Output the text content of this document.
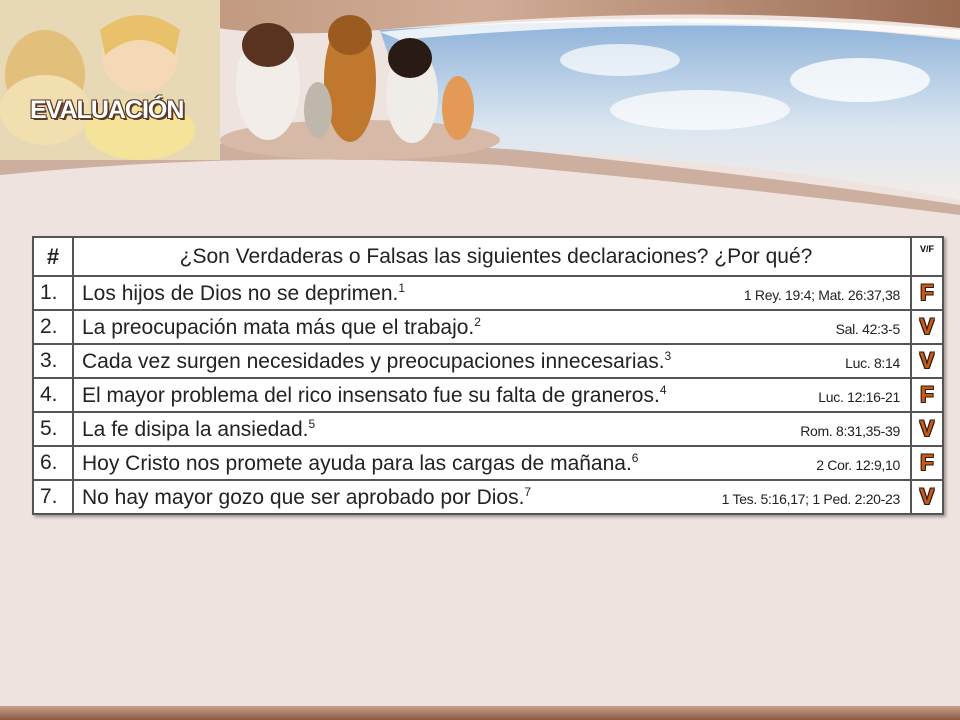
EVALUACIÓN
#	¿Son Verdaderas o Falsas las siguientes declaraciones? ¿Por qué?	V/F
1.	Los hijos de Dios no se deprimen.$^1$ 1 Rey. 19:4; Mat. 26:37,38	F
2.	La preocupación mata más que el trabajo.$^2$ Sal. 42:3-5	V
3.	Cada vez surgen necesidades y preocupaciones innecesarias.$^3$ Luc. 8:14	V
4.	El mayor problema del rico insensato fue su falta de graneros.$^4$ Luc. 12:16-21	F
5.	La fe disipa la ansiedad.$^5$ Rom. 8:31,35-39	V
6.	Hoy Cristo nos promete ayuda para las cargas de mañana.$^6$ 2 Cor. 12:9,10	F
7.	No hay mayor gozo que ser aprobado por Dios.$^7$ 1 Tes. 5:16,17; 1 Ped. 2:20-23	V
